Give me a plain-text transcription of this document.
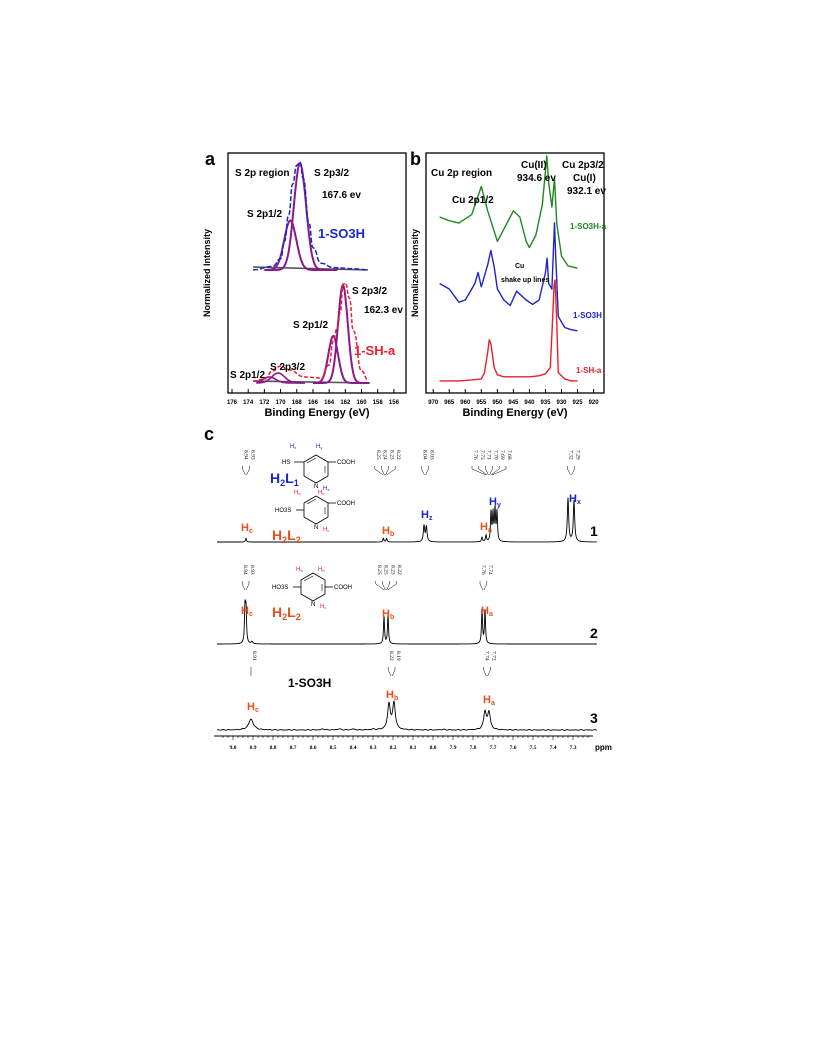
a
176 174 172 170 168 166 164 162 160 158 156
Binding Energy (eV)
Normalized Intensity
S 2p region S 2p3/2
167.6 ev
S 2p1/2
1-SO3H
S 2p3/2
162.3 ev
S 2p1/2
1-SH-a
S 2p3/2
S 2p1/2
b
970 965 960 955 950 945 940 935 930 925 920
Binding Energy (eV)
Normalized Intensity
Cu 2p region
Cu(II)
934.6 ev
Cu 2p3/2
Cu(I)
932.1 ev
Cu 2p1/2
Cu
shake up lines
1-SO3H-a
1-SO3H
1-SH-a
c
8.94 8.93	8.25 8.24 8.23 8.22	8.04 8.03	7.76 7.73 7.71 7.70 7.69 7.68	7.32 7.29
8.94 8.93	8.25 8.25 8.23 8.22	7.76 7.74
8.91	8.22 8.19	7.74 7.72
9.0 8.9 8.8 8.7 8.6 8.5 8.4 8.3 8.2 8.1 8.0 7.9 7.8 7.7 7.6 7.5 7.4 7.3 ppm
1
2
3
1-SO3H
Hc	Hb
Hz
Ha
Hy
Hx
Hc	Hb
Ha
Hc
Hb	Ha
HS	COOH
N
Hx	Hy
Hz
$H_2L_1$
HO3S
COOH
N
Ha	Hb
Hc
$H_2L_2$
HO3S	COOH
N
Ha	Hb
Hc
$H_2L_2$
